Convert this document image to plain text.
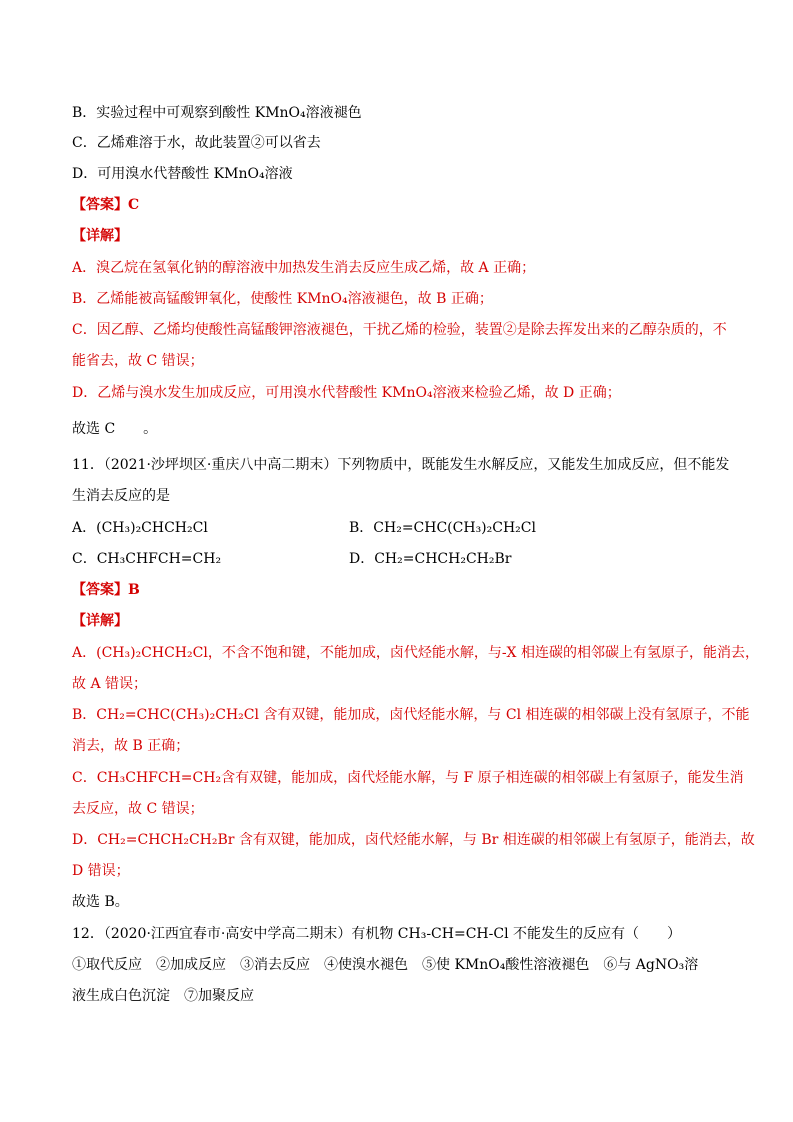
B．实验过程中可观察到酸性 KMnO₄溶液褪色
C．乙烯难溶于水，故此装置②可以省去
D．可用溴水代替酸性 KMnO₄溶液
【答案】C
【详解】
A．溴乙烷在氢氧化钠的醇溶液中加热发生消去反应生成乙烯，故 A 正确；
B．乙烯能被高锰酸钾氧化，使酸性 KMnO₄溶液褪色，故 B 正确；
C．因乙醇、乙烯均使酸性高锰酸钾溶液褪色，干扰乙烯的检验，装置②是除去挥发出来的乙醇杂质的，不
能省去，故 C 错误；
D．乙烯与溴水发生加成反应，可用溴水代替酸性 KMnO₄溶液来检验乙烯，故 D 正确；
故选 C　　。
11．（2021·沙坪坝区·重庆八中高二期末）下列物质中，既能发生水解反应，又能发生加成反应，但不能发
生消去反应的是
A．(CH₃)₂CHCH₂Cl	B．CH₂=CHC(CH₃)₂CH₂Cl
C．CH₃CHFCH=CH₂	D．CH₂=CHCH₂CH₂Br
【答案】B
【详解】
A．(CH₃)₂CHCH₂Cl，不含不饱和键，不能加成，卤代烃能水解，与-X 相连碳的相邻碳上有氢原子，能消去，
故 A 错误；
B．CH₂=CHC(CH₃)₂CH₂Cl 含有双键，能加成，卤代烃能水解，与 Cl 相连碳的相邻碳上没有氢原子，不能
消去，故 B 正确；
C．CH₃CHFCH=CH₂含有双键，能加成，卤代烃能水解，与 F 原子相连碳的相邻碳上有氢原子，能发生消
去反应，故 C 错误；
D．CH₂=CHCH₂CH₂Br 含有双键，能加成，卤代烃能水解，与 Br 相连碳的相邻碳上有氢原子，能消去，故
D 错误；
故选 B。
12．（2020·江西宜春市·高安中学高二期末）有机物 CH₃-CH=CH-Cl 不能发生的反应有（　　）
①取代反应　②加成反应　③消去反应　④使溴水褪色　⑤使 KMnO₄酸性溶液褪色　⑥与 AgNO₃溶
液生成白色沉淀　⑦加聚反应
